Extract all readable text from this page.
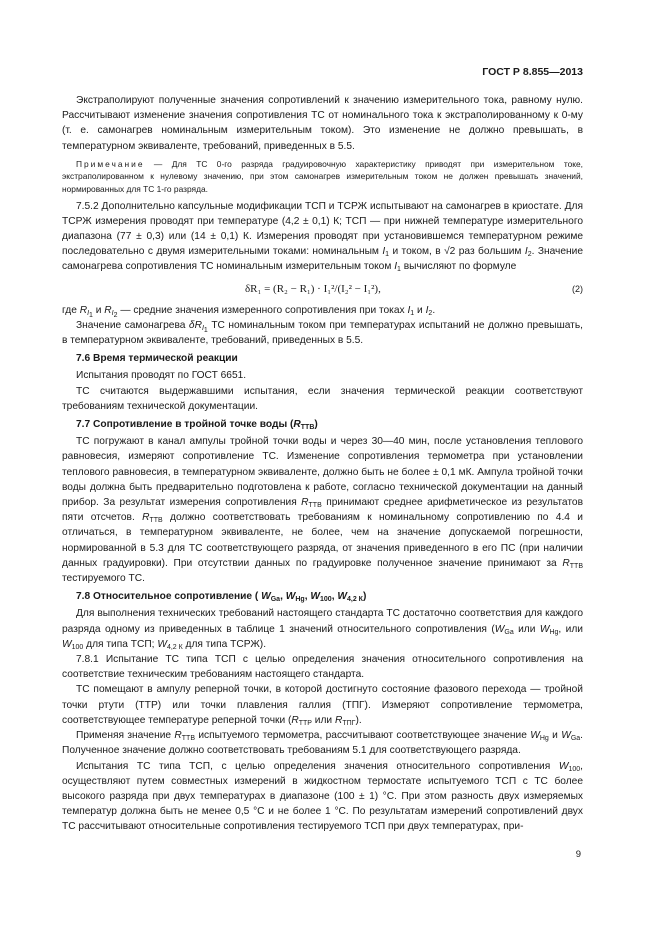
ГОСТ Р 8.855—2013

Экстраполируют полученные значения сопротивлений к значению измерительного тока, равному нулю. Рассчитывают изменение значения сопротивления ТС от номинального тока к экстраполированному к 0-му (т. е. самонагрев номинальным измерительным током). Это изменение не должно превышать, в температурном эквиваленте, требований, приведенных в 5.5.

Примечание — Для ТС 0-го разряда градуировочную характеристику приводят при измерительном токе, экстраполированном к нулевому значению, при этом самонагрев измерительным током не должен превышать значений, нормированных для ТС 1-го разряда.

7.5.2 Дополнительно капсульные модификации ТСП и ТСРЖ испытывают на самонагрев в криостате. Для ТСРЖ измерения проводят при температуре (4,2 ± 0,1) К; ТСП — при нижней температуре измерительного диапазона (77 ± 0,3) или (14 ± 0,1) К. Измерения проводят при установившемся температурном режиме последовательно с двумя измерительными токами: номинальным $I_1$ и током, в √2 раз большим $I_2$. Значение самонагрева сопротивления ТС номинальным измерительным током $I_1$ вычисляют по формуле

δR₁ = (R₂ − R₁) · I₁²/(I₂² − I₁²),	(2)

где $R_{I_1}$ и $R_{I_2}$ — средние значения измеренного сопротивления при токах $I_1$ и $I_2$.

Значение самонагрева $\delta R_{I_1}$ ТС номинальным током при температурах испытаний не должно превышать, в температурном эквиваленте, требований, приведенных в 5.5.

7.6 Время термической реакции

Испытания проводят по ГОСТ 6651.

ТС считаются выдержавшими испытания, если значения термической реакции соответствуют требованиям технической документации.

7.7 Сопротивление в тройной точке воды $(R_{ТТВ})$

ТС погружают в канал ампулы тройной точки воды и через 30—40 мин, после установления теплового равновесия, измеряют сопротивление ТС. Изменение сопротивления термометра при установлении теплового равновесия, в температурном эквиваленте, должно быть не более ± 0,1 мК. Ампула тройной точки воды должна быть предварительно подготовлена к работе, согласно технической документации на данный прибор. За результат измерения сопротивления $R_{ТТВ}$ принимают среднее арифметическое из результатов пяти отсчетов. $R_{ТТВ}$ должно соответствовать требованиям к номинальному сопротивлению по 4.4 и отличаться, в температурном эквиваленте, не более, чем на значение допускаемой погрешности, нормированной в 5.3 для ТС соответствующего разряда, от значения приведенного в его ПС (при наличии данных градуировки). При отсутствии данных по градуировке полученное значение принимают за $R_{ТТВ}$ тестируемого ТС.

7.8 Относительное сопротивление ( $W_{Ga}$, $W_{Hg}$, $W_{100}$, $W_{4,2 К}$)

Для выполнения технических требований настоящего стандарта ТС достаточно соответствия для каждого разряда одному из приведенных в таблице 1 значений относительного сопротивления ($W_{Ga}$ или $W_{Hg}$, или $W_{100}$ для типа ТСП; $W_{4,2 К}$ для типа ТСРЖ).

7.8.1 Испытание ТС типа ТСП с целью определения значения относительного сопротивления на соответствие техническим требованиям настоящего стандарта.

ТС помещают в ампулу реперной точки, в которой достигнуто состояние фазового перехода — тройной точки ртути (ТТР) или точки плавления галлия (ТПГ). Измеряют сопротивление термометра, соответствующее температуре реперной точки ($R_{ТТР}$ или $R_{ТПГ}$).

Применяя значение $R_{ТТВ}$ испытуемого термометра, рассчитывают соответствующее значение $W_{Hg}$ и $W_{Ga}$. Полученное значение должно соответствовать требованиям 5.1 для соответствующего разряда.

Испытания ТС типа ТСП, с целью определения значения относительного сопротивления $W_{100}$, осуществляют путем совместных измерений в жидкостном термостате испытуемого ТСП с ТС более высокого разряда при двух температурах в диапазоне (100 ± 1) °С. При этом разность двух измеряемых температур должна быть не менее 0,5 °С и не более 1 °С. По результатам измерений сопротивлений двух ТС рассчитывают относительные сопротивления тестируемого ТСП при двух температурах, при-

9
